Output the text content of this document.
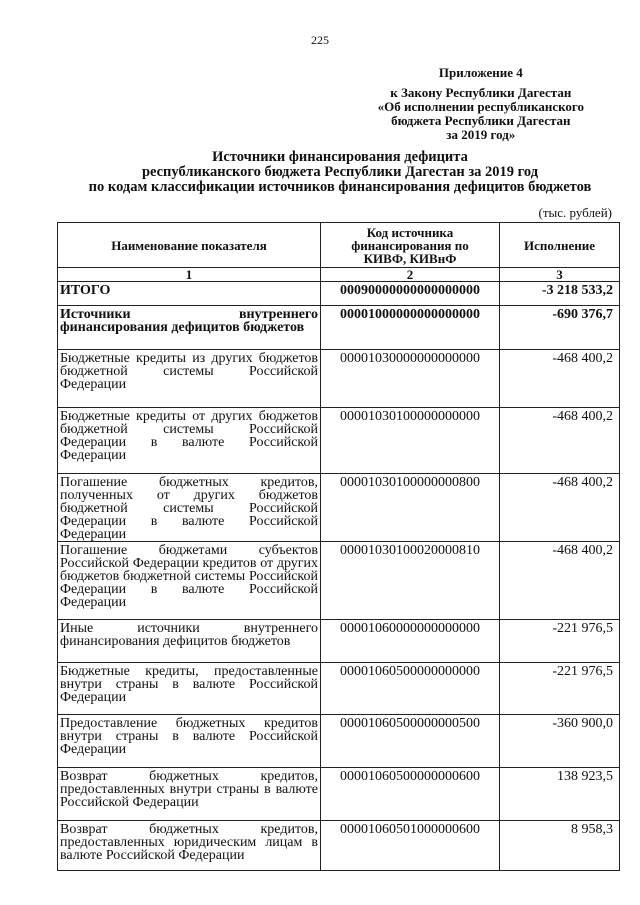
225
Приложение 4
к Закону Республики Дагестан
«Об исполнении республиканского
бюджета Республики Дагестан
за 2019 год»
Источники финансирования дефицита
республиканского бюджета Республики Дагестан за 2019 год
по кодам классификации источников финансирования дефицитов бюджетов
(тыс. рублей)
Наименование показателя	Код источника финансирования по КИВФ, КИВнФ	Исполнение
1	2	3
ИТОГО	00090000000000000000	-3 218 533,2
Источники внутреннего финансирования дефицитов бюджетов	00001000000000000000	-690 376,7
Бюджетные кредиты из других бюджетов бюджетной системы Российской Федерации	00001030000000000000	-468 400,2
Бюджетные кредиты от других бюджетов бюджетной системы Российской Федерации в валюте Российской Федерации	00001030100000000000	-468 400,2
Погашение бюджетных кредитов, полученных от других бюджетов бюджетной системы Российской Федерации в валюте Российской Федерации	00001030100000000800	-468 400,2
Погашение бюджетами субъектов Российской Федерации кредитов от других бюджетов бюджетной системы Российской Федерации в валюте Российской Федерации	00001030100020000810	-468 400,2
Иные источники внутреннего финансирования дефицитов бюджетов	00001060000000000000	-221 976,5
Бюджетные кредиты, предоставленные внутри страны в валюте Российской Федерации	00001060500000000000	-221 976,5
Предоставление бюджетных кредитов внутри страны в валюте Российской Федерации	00001060500000000500	-360 900,0
Возврат бюджетных кредитов, предоставленных внутри страны в валюте Российской Федерации	00001060500000000600	138 923,5
Возврат бюджетных кредитов, предоставленных юридическим лицам в валюте Российской Федерации	00001060501000000600	8 958,3
